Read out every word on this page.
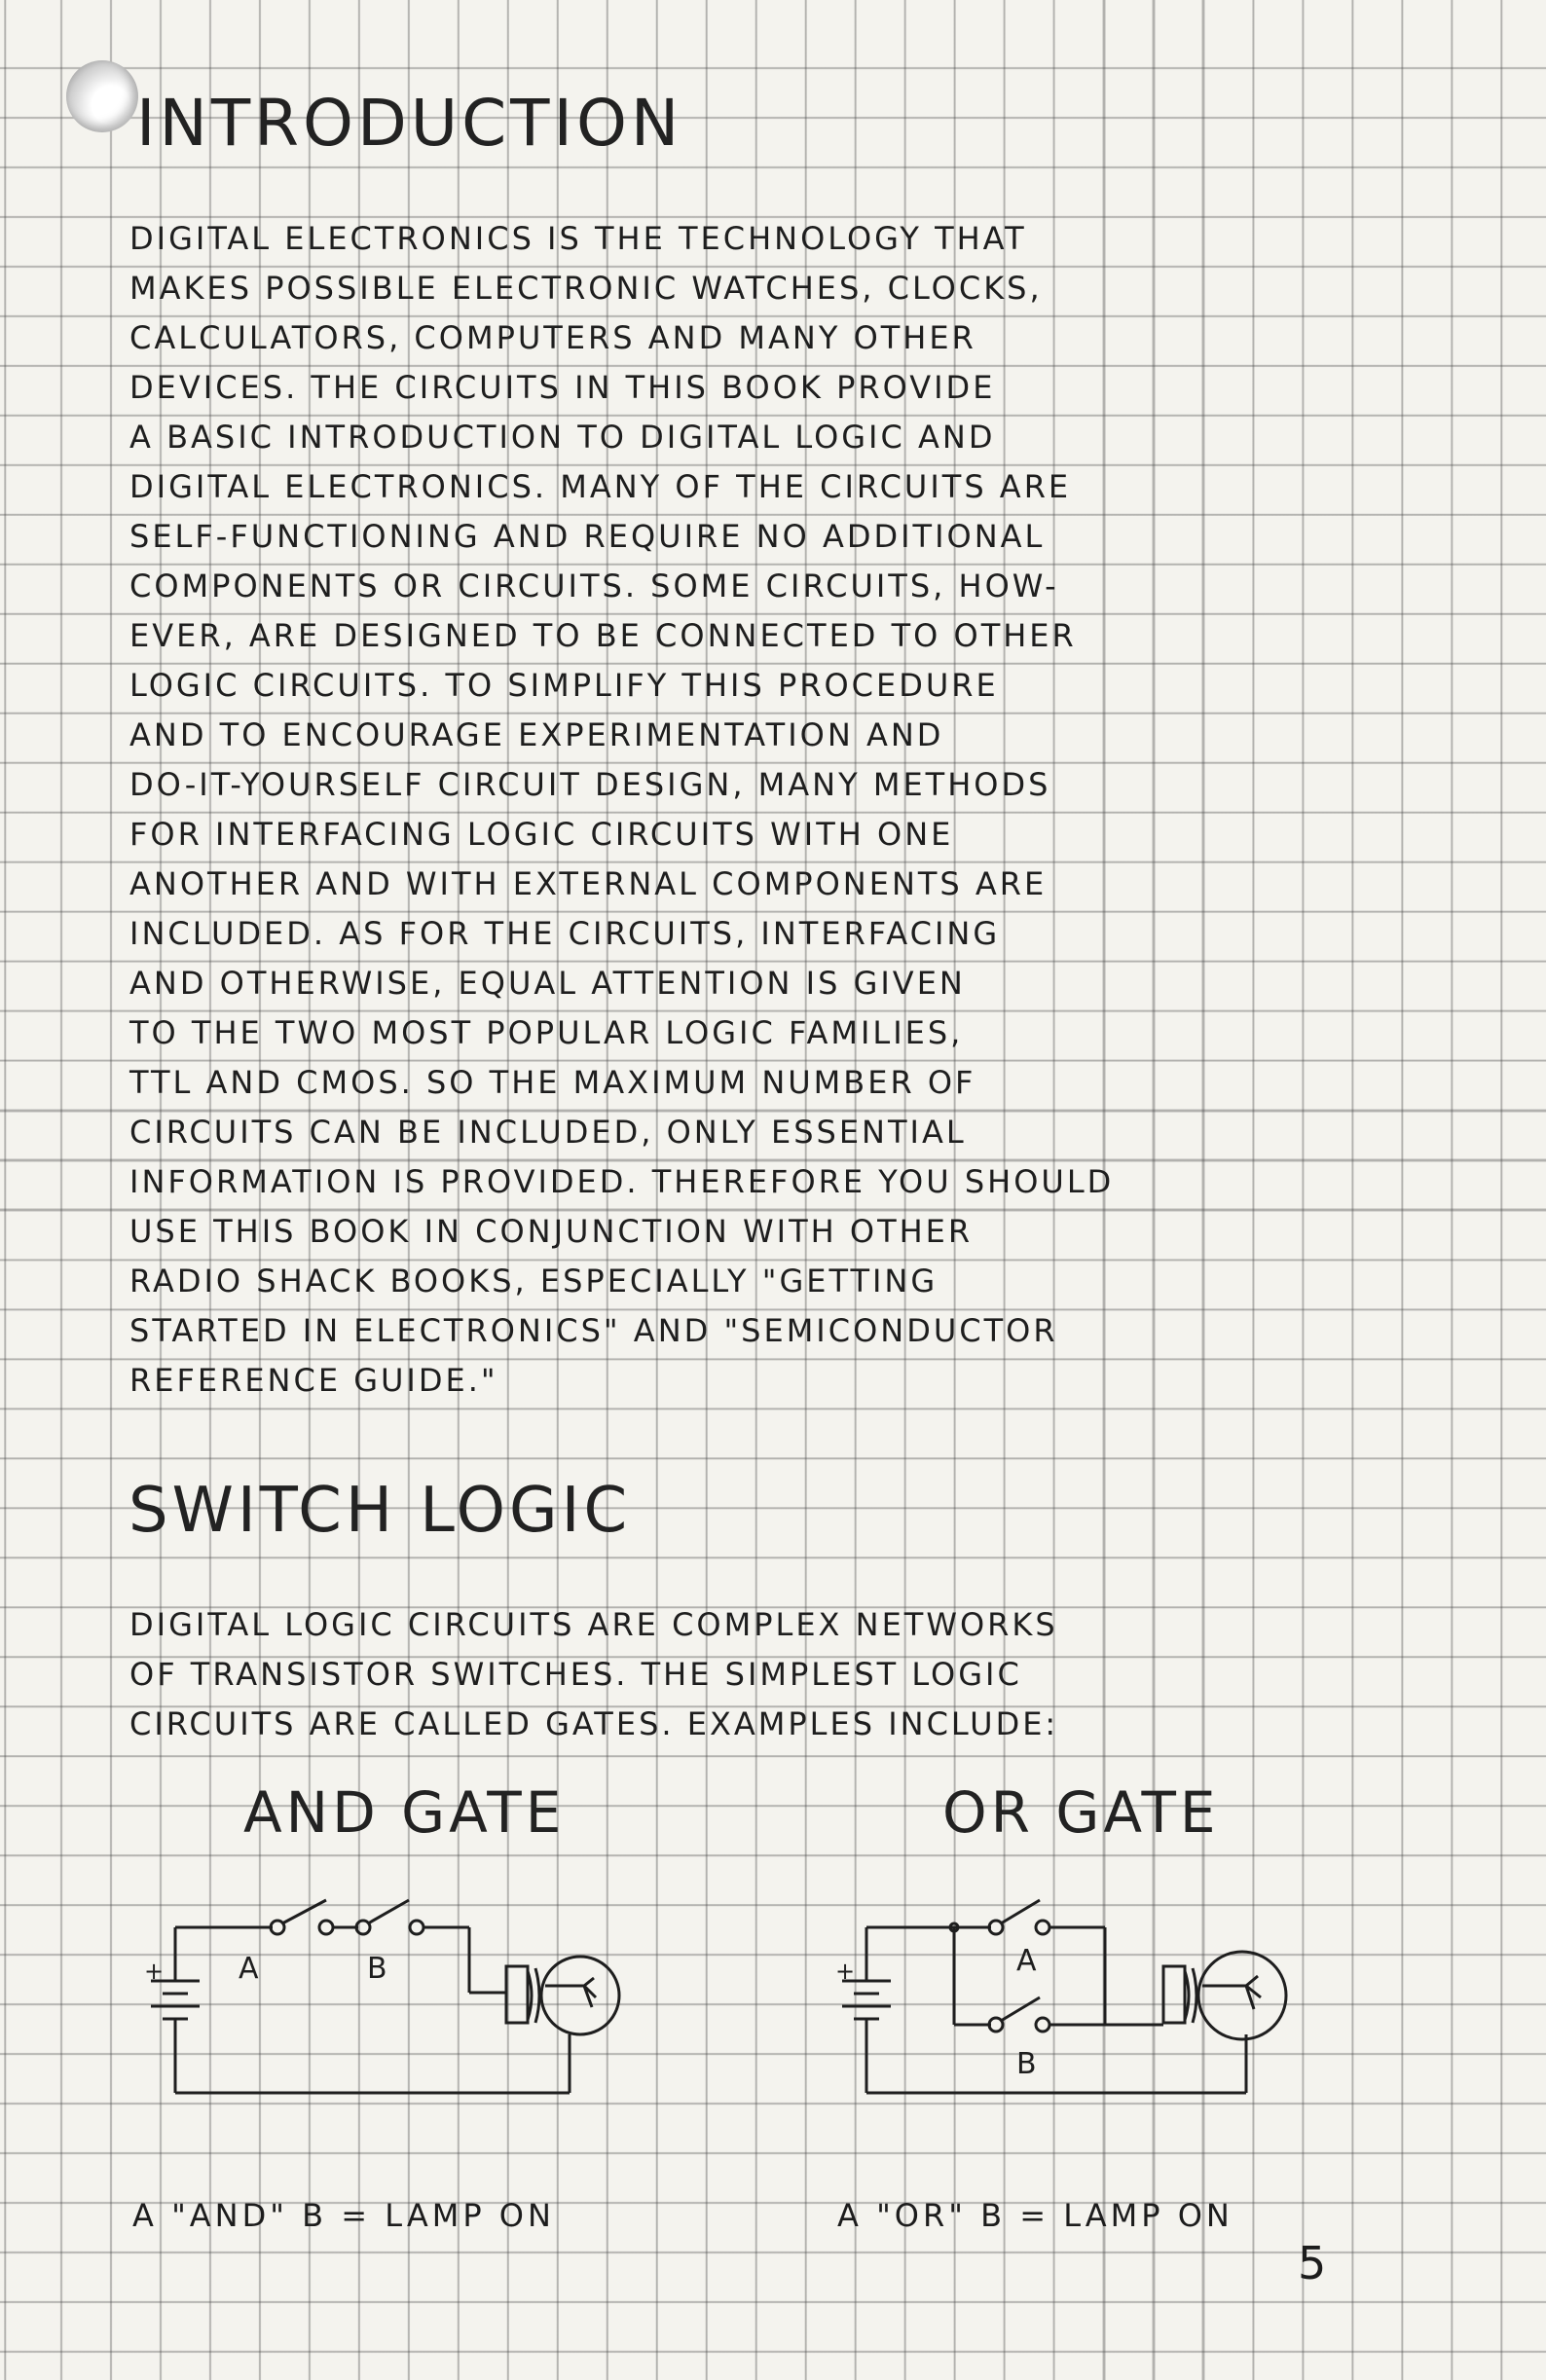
INTRODUCTION
DIGITAL ELECTRONICS IS THE TECHNOLOGY THAT
MAKES POSSIBLE ELECTRONIC WATCHES, CLOCKS,
CALCULATORS, COMPUTERS AND MANY OTHER
DEVICES. THE CIRCUITS IN THIS BOOK PROVIDE
A BASIC INTRODUCTION TO DIGITAL LOGIC AND
DIGITAL ELECTRONICS. MANY OF THE CIRCUITS ARE
SELF-FUNCTIONING AND REQUIRE NO ADDITIONAL
COMPONENTS OR CIRCUITS. SOME CIRCUITS, HOW-
EVER, ARE DESIGNED TO BE CONNECTED TO OTHER
LOGIC CIRCUITS. TO SIMPLIFY THIS PROCEDURE
AND TO ENCOURAGE EXPERIMENTATION AND
DO-IT-YOURSELF CIRCUIT DESIGN, MANY METHODS
FOR INTERFACING LOGIC CIRCUITS WITH ONE
ANOTHER AND WITH EXTERNAL COMPONENTS ARE
INCLUDED. AS FOR THE CIRCUITS, INTERFACING
AND OTHERWISE, EQUAL ATTENTION IS GIVEN
TO THE TWO MOST POPULAR LOGIC FAMILIES,
TTL AND CMOS. SO THE MAXIMUM NUMBER OF
CIRCUITS CAN BE INCLUDED, ONLY ESSENTIAL
INFORMATION IS PROVIDED. THEREFORE YOU SHOULD
USE THIS BOOK IN CONJUNCTION WITH OTHER
RADIO SHACK BOOKS, ESPECIALLY "GETTING
STARTED IN ELECTRONICS" AND "SEMICONDUCTOR
REFERENCE GUIDE."
SWITCH LOGIC
DIGITAL LOGIC CIRCUITS ARE COMPLEX NETWORKS
OF TRANSISTOR SWITCHES. THE SIMPLEST LOGIC
CIRCUITS ARE CALLED GATES. EXAMPLES INCLUDE:
AND GATE	OR GATE
A	B
+	A
B
+

A "AND" B = LAMP ON	A "OR" B = LAMP ON

5
